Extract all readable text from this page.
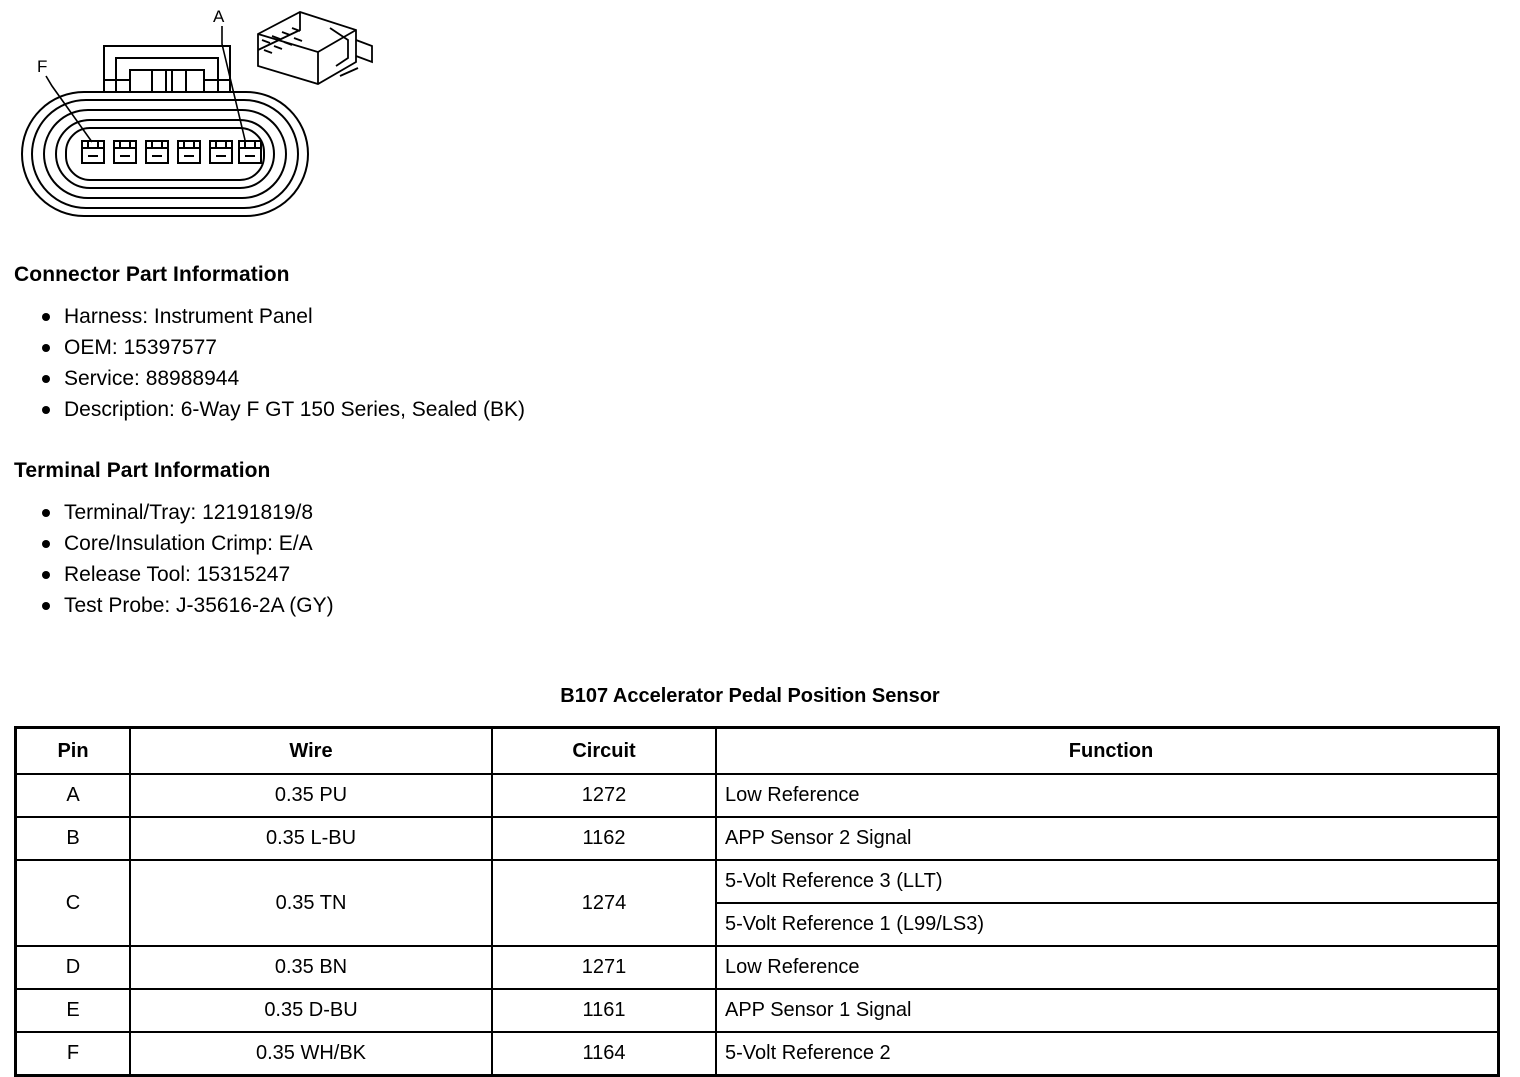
A
F
Connector Part Information
Harness: Instrument Panel
OEM: 15397577
Service: 88988944
Description: 6-Way F GT 150 Series, Sealed (BK)
Terminal Part Information
Terminal/Tray: 12191819/8
Core/Insulation Crimp: E/A
Release Tool: 15315247
Test Probe: J-35616-2A (GY)
B107 Accelerator Pedal Position Sensor
Pin	Wire	Circuit	Function
A	0.35 PU	1272	Low Reference
B	0.35 L-BU	1162	APP Sensor 2 Signal
C	0.35 TN	1274	5-Volt Reference 3 (LLT)
			5-Volt Reference 1 (L99/LS3)
D	0.35 BN	1271	Low Reference
E	0.35 D-BU	1161	APP Sensor 1 Signal
F	0.35 WH/BK	1164	5-Volt Reference 2
